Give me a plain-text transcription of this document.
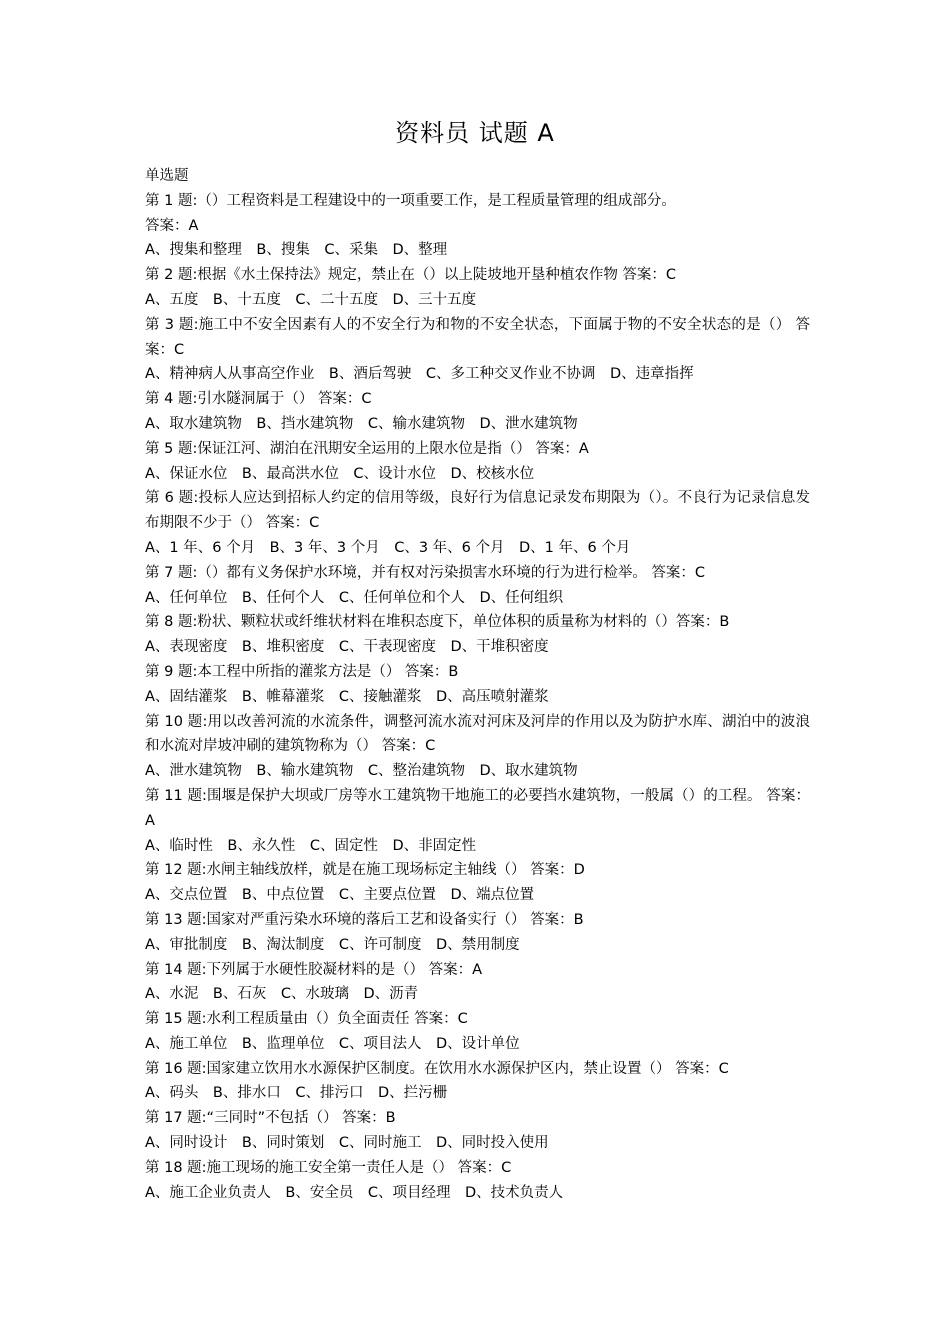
资料员 试题 A
单选题
第 1 题:（）工程资料是工程建设中的一项重要工作，是工程质量管理的组成部分。
答案：A
A、搜集和整理　B、搜集　C、采集　D、整理
第 2 题:根据《水土保持法》规定，禁止在（）以上陡坡地开垦种植农作物 答案：C
A、五度　B、十五度　C、二十五度　D、三十五度
第 3 题:施工中不安全因素有人的不安全行为和物的不安全状态，下面属于物的不安全状态的是（） 答案：C
A、精神病人从事高空作业　B、酒后驾驶　C、多工种交叉作业不协调　D、违章指挥
第 4 题:引水隧洞属于（） 答案：C
A、取水建筑物　B、挡水建筑物　C、输水建筑物　D、泄水建筑物
第 5 题:保证江河、湖泊在汛期安全运用的上限水位是指（） 答案：A
A、保证水位　B、最高洪水位　C、设计水位　D、校核水位
第 6 题:投标人应达到招标人约定的信用等级，良好行为信息记录发布期限为（）。不良行为记录信息发布期限不少于（） 答案：C
A、1 年、6 个月　B、3 年、3 个月　C、3 年、6 个月　D、1 年、6 个月
第 7 题:（）都有义务保护水环境，并有权对污染损害水环境的行为进行检举。 答案：C
A、任何单位　B、任何个人　C、任何单位和个人　D、任何组织
第 8 题:粉状、颗粒状或纤维状材料在堆积态度下，单位体积的质量称为材料的（）答案：B
A、表现密度　B、堆积密度　C、干表现密度　D、干堆积密度
第 9 题:本工程中所指的灌浆方法是（） 答案：B
A、固结灌浆　B、帷幕灌浆　C、接触灌浆　D、高压喷射灌浆
第 10 题:用以改善河流的水流条件，调整河流水流对河床及河岸的作用以及为防护水库、湖泊中的波浪和水流对岸坡冲刷的建筑物称为（） 答案：C
A、泄水建筑物　B、输水建筑物　C、整治建筑物　D、取水建筑物
第 11 题:围堰是保护大坝或厂房等水工建筑物干地施工的必要挡水建筑物，一般属（）的工程。 答案：A
A、临时性　B、永久性　C、固定性　D、非固定性
第 12 题:水闸主轴线放样，就是在施工现场标定主轴线（） 答案：D
A、交点位置　B、中点位置　C、主要点位置　D、端点位置
第 13 题:国家对严重污染水环境的落后工艺和设备实行（） 答案：B
A、审批制度　B、淘汰制度　C、许可制度　D、禁用制度
第 14 题:下列属于水硬性胶凝材料的是（） 答案：A
A、水泥　B、石灰　C、水玻璃　D、沥青
第 15 题:水利工程质量由（）负全面责任 答案：C
A、施工单位　B、监理单位　C、项目法人　D、设计单位
第 16 题:国家建立饮用水水源保护区制度。在饮用水水源保护区内，禁止设置（） 答案：C
A、码头　B、排水口　C、排污口　D、拦污栅
第 17 题:“三同时”不包括（） 答案：B
A、同时设计　B、同时策划　C、同时施工　D、同时投入使用
第 18 题:施工现场的施工安全第一责任人是（） 答案：C
A、施工企业负责人　B、安全员　C、项目经理　D、技术负责人
